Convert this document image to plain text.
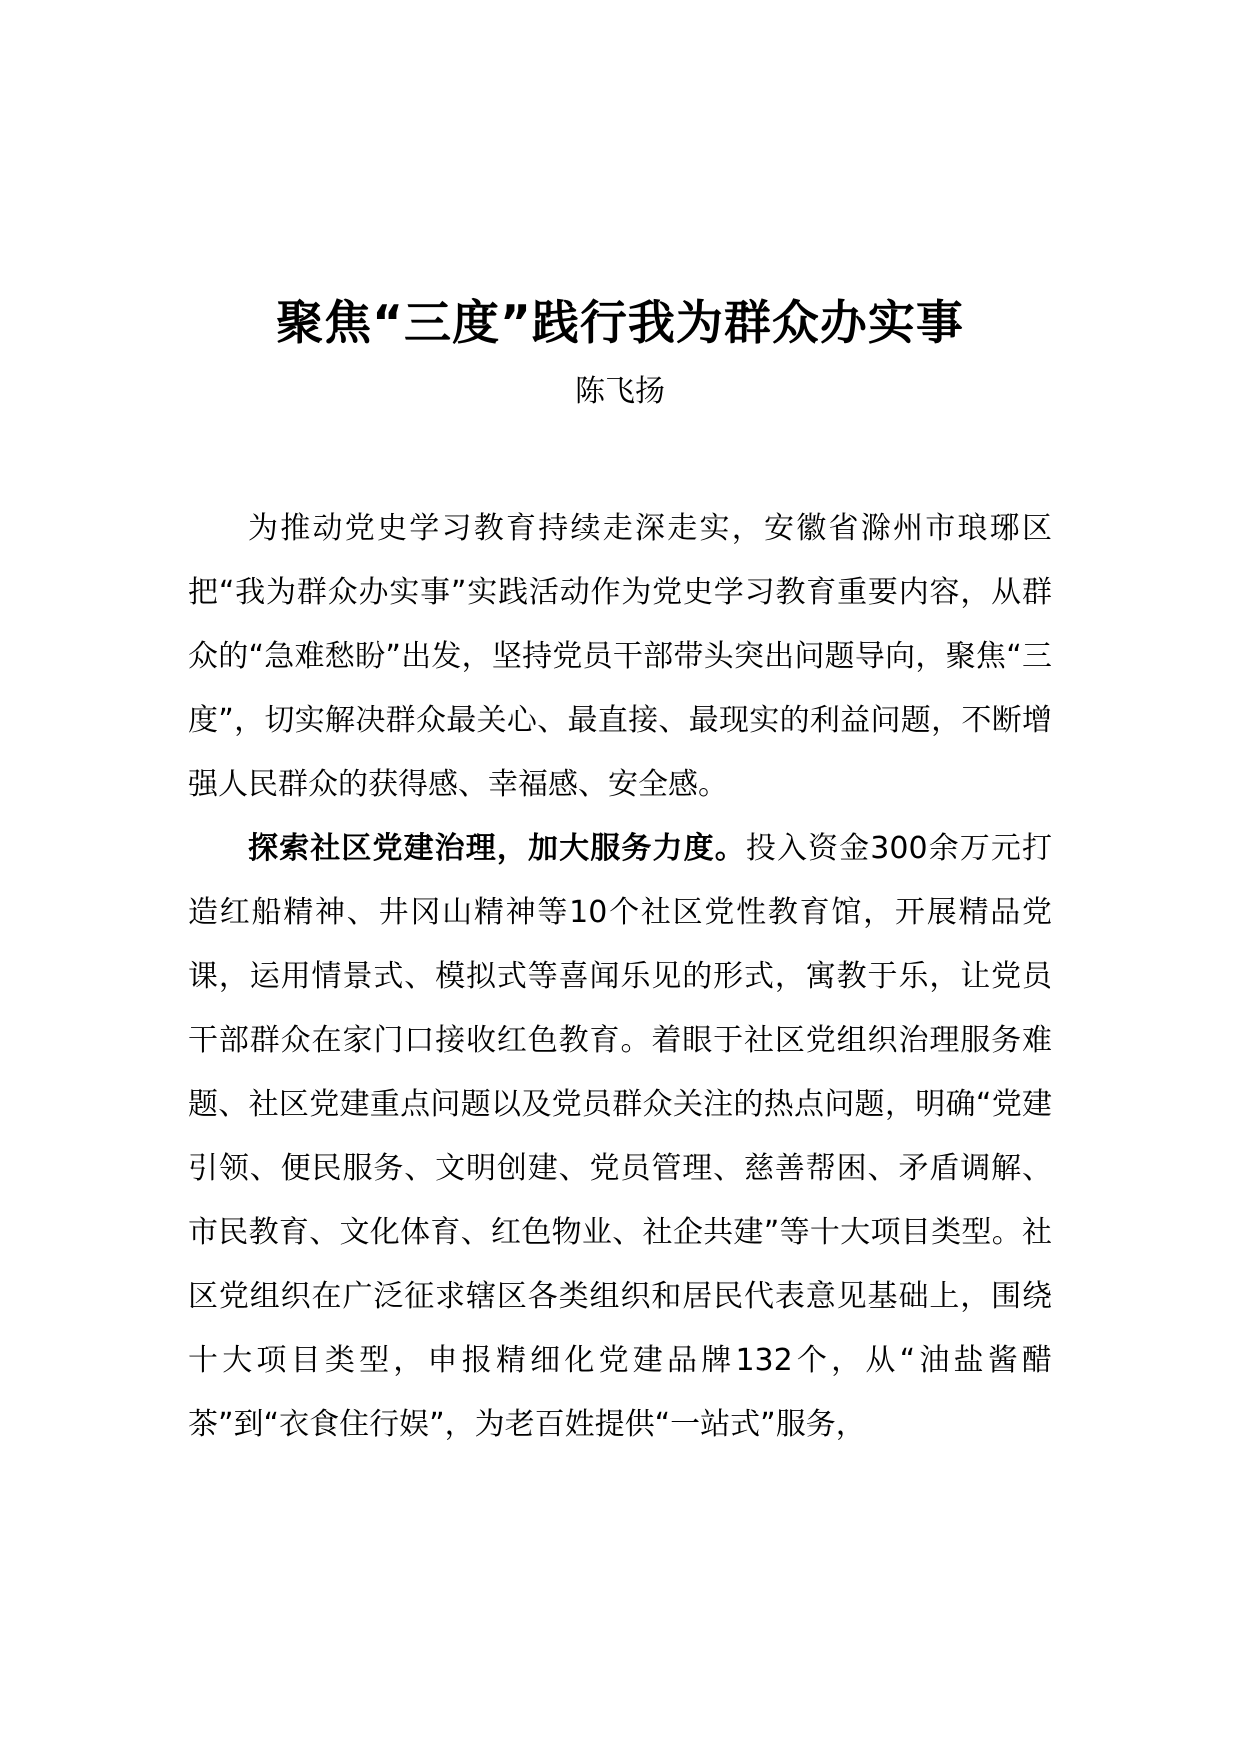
聚焦“三度”践行我为群众办实事
陈飞扬

为推动党史学习教育持续走深走实，安徽省滁州市琅琊区把“我为群众办实事”实践活动作为党史学习教育重要内容，从群众的“急难愁盼”出发，坚持党员干部带头突出问题导向，聚焦“三度”，切实解决群众最关心、最直接、最现实的利益问题，不断增强人民群众的获得感、幸福感、安全感。

探索社区党建治理，加大服务力度。投入资金300余万元打造红船精神、井冈山精神等10个社区党性教育馆，开展精品党课，运用情景式、模拟式等喜闻乐见的形式，寓教于乐，让党员干部群众在家门口接收红色教育。着眼于社区党组织治理服务难题、社区党建重点问题以及党员群众关注的热点问题，明确“党建引领、便民服务、文明创建、党员管理、慈善帮困、矛盾调解、市民教育、文化体育、红色物业、社企共建”等十大项目类型。社区党组织在广泛征求辖区各类组织和居民代表意见基础上，围绕十大项目类型，申报精细化党建品牌132个，从“油盐酱醋茶”到“衣食住行娱”，为老百姓提供“一站式”服务，
